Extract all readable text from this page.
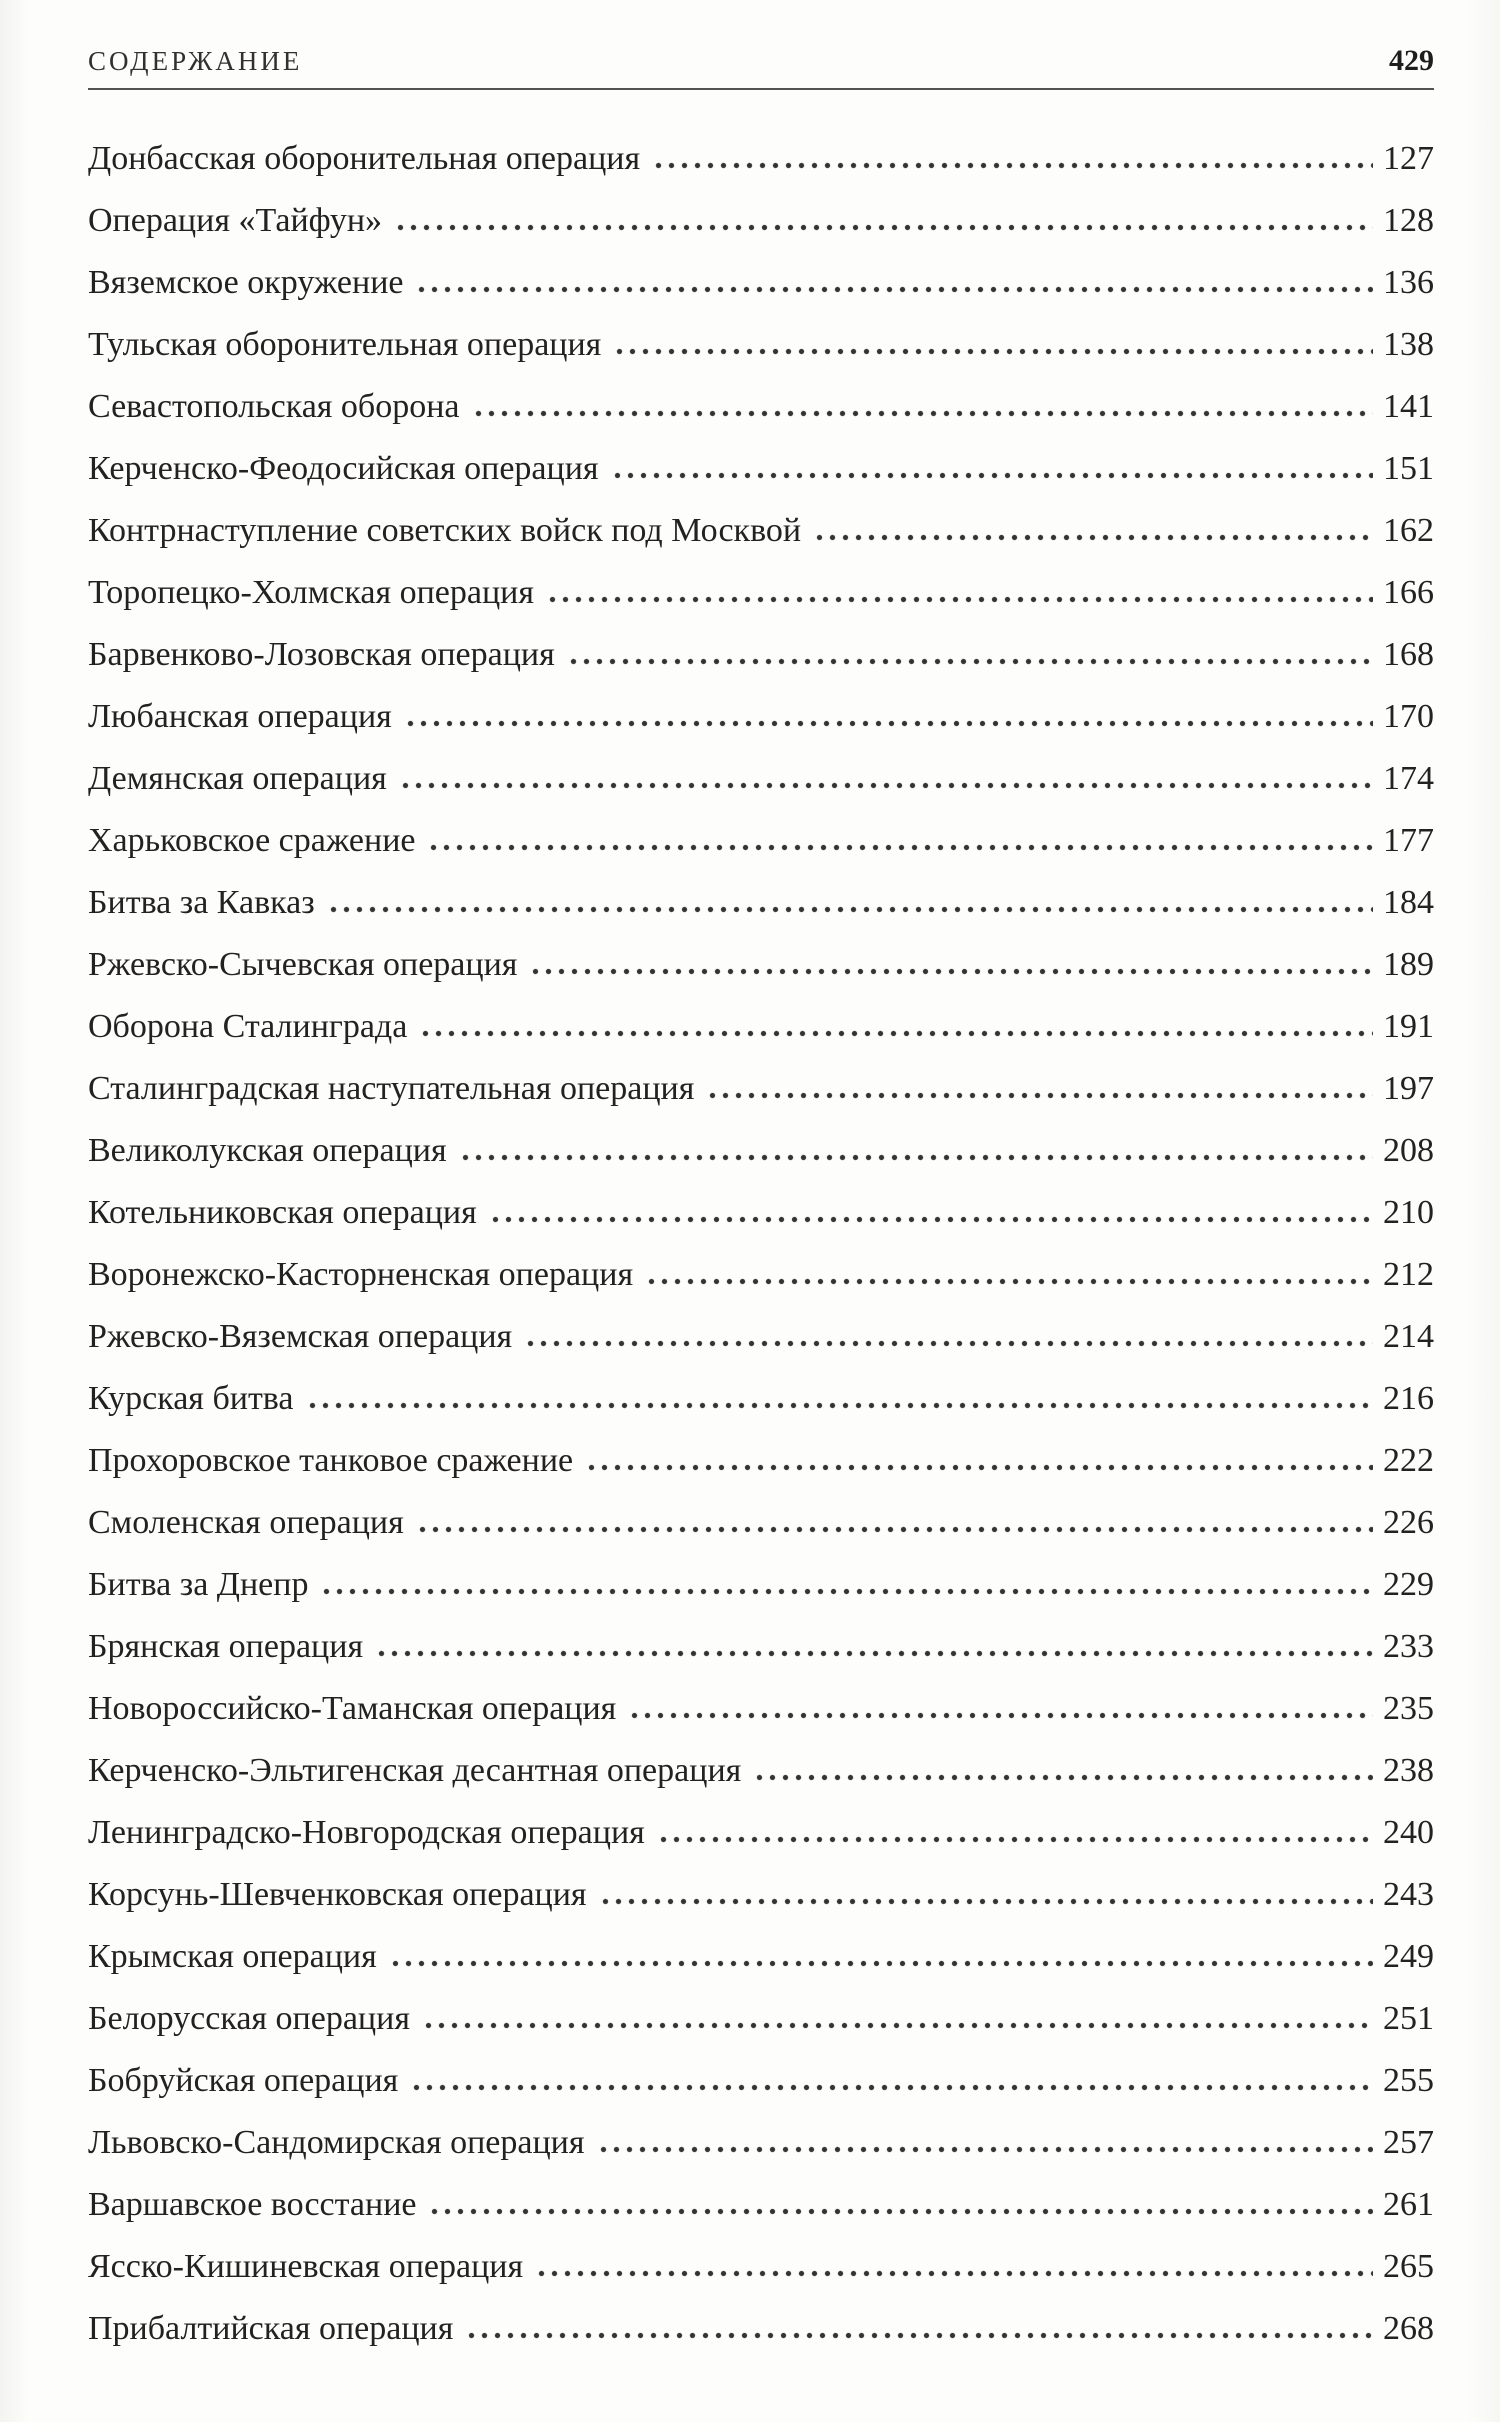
СОДЕРЖАНИЕ	429
Донбасская оборонительная операция	127
Операция «Тайфун»	128
Вяземское окружение	136
Тульская оборонительная операция	138
Севастопольская оборона	141
Керченско-Феодосийская операция	151
Контрнаступление советских войск под Москвой	162
Торопецко-Холмская операция	166
Барвенково-Лозовская операция	168
Любанская операция	170
Демянская операция	174
Харьковское сражение	177
Битва за Кавказ	184
Ржевско-Сычевская операция	189
Оборона Сталинграда	191
Сталинградская наступательная операция	197
Великолукская операция	208
Котельниковская операция	210
Воронежско-Касторненская операция	212
Ржевско-Вяземская операция	214
Курская битва	216
Прохоровское танковое сражение	222
Смоленская операция	226
Битва за Днепр	229
Брянская операция	233
Новороссийско-Таманская операция	235
Керченско-Эльтигенская десантная операция	238
Ленинградско-Новгородская операция	240
Корсунь-Шевченковская операция	243
Крымская операция	249
Белорусская операция	251
Бобруйская операция	255
Львовско-Сандомирская операция	257
Варшавское восстание	261
Ясско-Кишиневская операция	265
Прибалтийская операция	268
